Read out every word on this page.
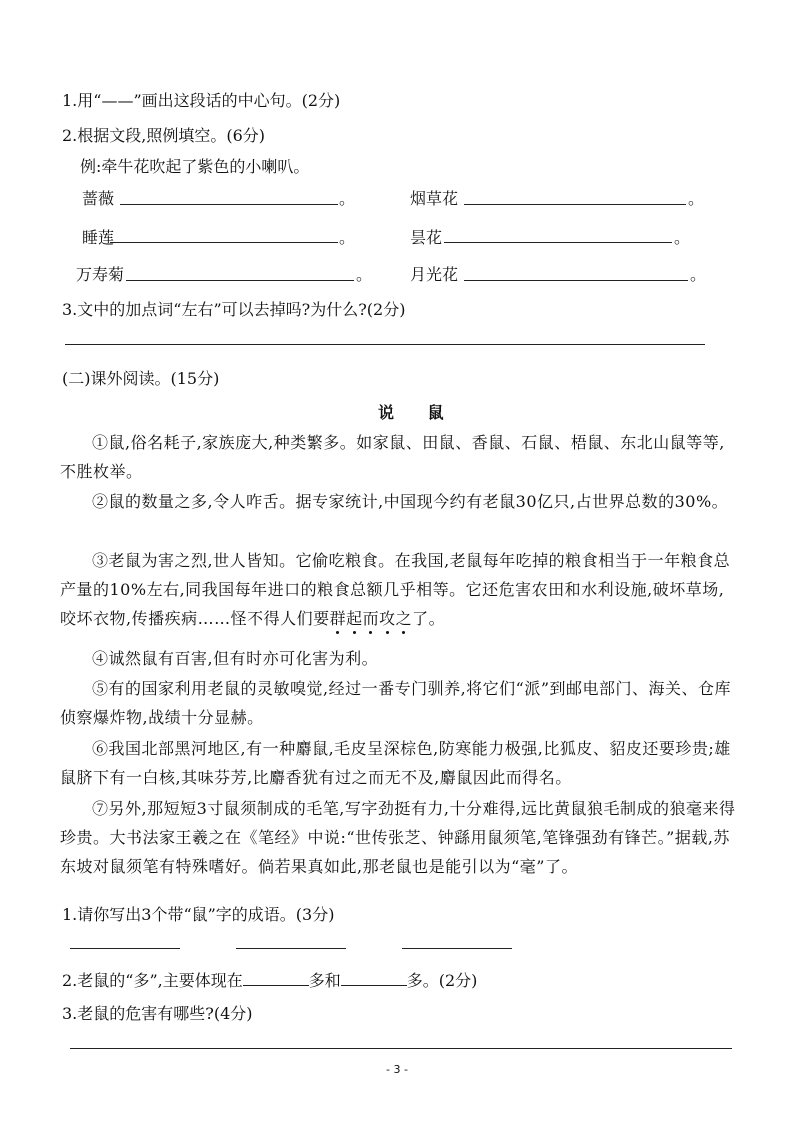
1.用“——”画出这段话的中心句。(2分)
2.根据文段,照例填空。(6分)
例:牵牛花吹起了紫色的小喇叭。
蔷薇	。	烟草花	。
睡莲	。	昙花	。
万寿菊	。 月光花	。
3.文中的加点词“左右”可以去掉吗?为什么?(2分)
(二)课外阅读。(15分)
说 鼠
①鼠,俗名耗子,家族庞大,种类繁多。如家鼠、田鼠、香鼠、石鼠、梧鼠、东北山鼠等等,不胜枚举。
②鼠的数量之多,令人咋舌。据专家统计,中国现今约有老鼠30亿只,占世界总数的30%。
③老鼠为害之烈,世人皆知。它偷吃粮食。在我国,老鼠每年吃掉的粮食相当于一年粮食总产量的10%左右,同我国每年进口的粮食总额几乎相等。它还危害农田和水利设施,破坏草场,咬坏衣物,传播疾病……怪不得人们要群起而攻之了。
④诚然鼠有百害,但有时亦可化害为利。
⑤有的国家利用老鼠的灵敏嗅觉,经过一番专门驯养,将它们“派”到邮电部门、海关、仓库侦察爆炸物,战绩十分显赫。
⑥我国北部黑河地区,有一种麝鼠,毛皮呈深棕色,防寒能力极强,比狐皮、貂皮还要珍贵;雄鼠脐下有一白核,其味芬芳,比麝香犹有过之而无不及,麝鼠因此而得名。
⑦另外,那短短3寸鼠须制成的毛笔,写字劲挺有力,十分难得,远比黄鼠狼毛制成的狼毫来得珍贵。大书法家王羲之在《笔经》中说:“世传张芝、钟繇用鼠须笔,笔锋强劲有锋芒。”据载,苏东坡对鼠须笔有特殊嗜好。倘若果真如此,那老鼠也是能引以为“毫”了。
1.请你写出3个带“鼠”字的成语。(3分)
2.老鼠的“多”,主要体现在	多和	多。(2分)
3.老鼠的危害有哪些?(4分)
- 3 -
